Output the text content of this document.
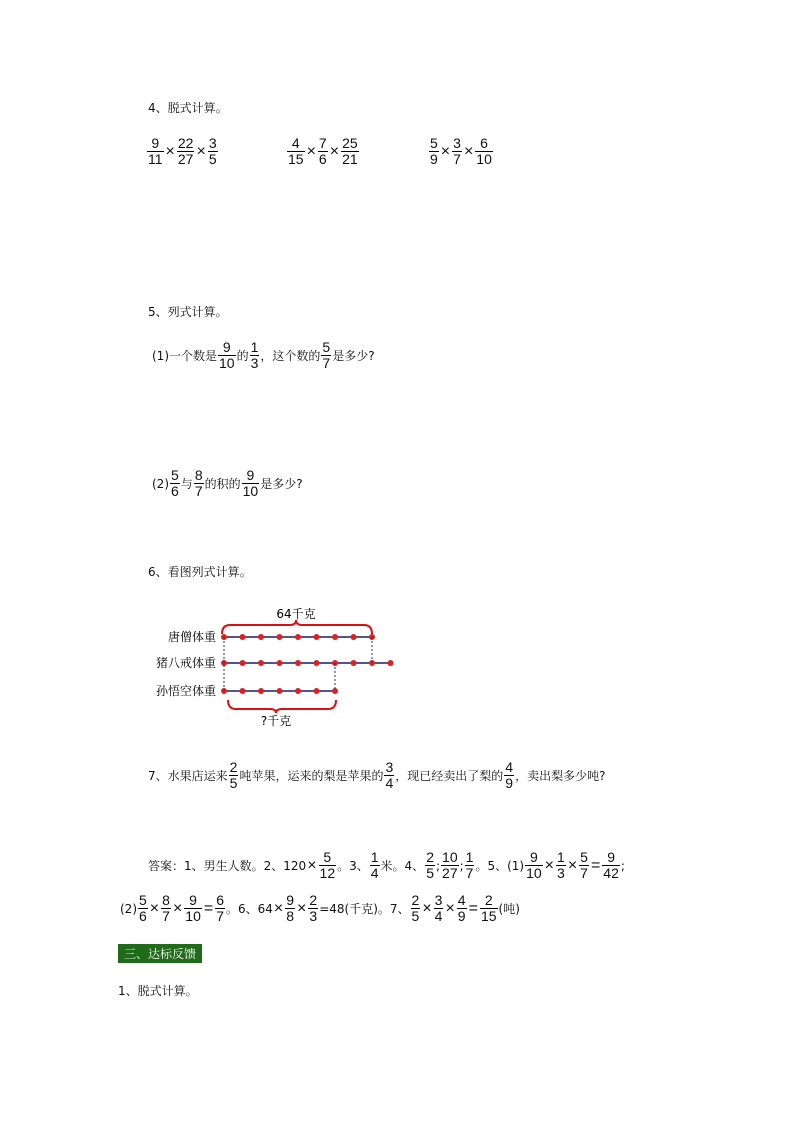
4、脱式计算。
$\frac{9}{11} \times \frac{22}{27} \times \frac{3}{5}$	$\frac{4}{15} \times \frac{7}{6} \times \frac{25}{21}$	$\frac{5}{9} \times \frac{3}{7} \times \frac{6}{10}$
5、列式计算。
(1)一个数是 $\frac{9}{10}$ 的 $\frac{1}{3}$ ，这个数的 $\frac{5}{7}$ 是多少?
$(2) \frac{5}{6}$ 与 $\frac{8}{7}$ 的积的 $\frac{9}{10}$ 是多少?
6、看图列式计算。
64千克
?千克
唐僧体重
猪八戒体重
孙悟空体重
7、水果店运来 $\frac{2}{5}$ 吨苹果，运来的梨是苹果的 $\frac{3}{4}$ ，现已经卖出了梨的 $\frac{4}{9}$ ，卖出梨多少吨?
答案：1、男生人数。2、$120 \times \frac{5}{12}$ 。3、 $\frac{1}{4}$ 米。4、 $\frac{2}{5}$ ; $\frac{10}{27}$ ; $\frac{1}{7}$ 。5、$(1) \frac{9}{10} \times \frac{1}{3} \times \frac{5}{7} = \frac{9}{42}$ ;
$(2) \frac{5}{6} \times \frac{8}{7} \times \frac{9}{10} = \frac{6}{7}$ 。6、$64 \times \frac{9}{8} \times \frac{2}{3} =48$(千克)。7、 $\frac{2}{5} \times \frac{3}{4} \times \frac{4}{9} = \frac{2}{15}$ (吨)
三、达标反馈
1、脱式计算。
